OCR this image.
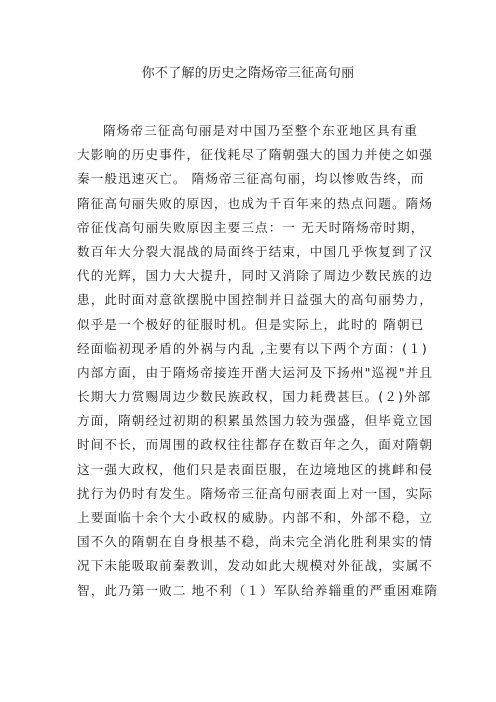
你不了解的历史之隋炀帝三征高句丽
隋炀帝三征高句丽是对中国乃至整个东亚地区具有重
大影响的历史事件，征伐耗尽了隋朝强大的国力并使之如强
秦一般迅速灭亡。 隋炀帝三征高句丽，均以惨败告终，而
隋征高句丽失败的原因，也成为千百年来的热点问题。隋炀
帝征伐高句丽失败原因主要三点：一 无天时隋炀帝时期，
数百年大分裂大混战的局面终于结束，中国几乎恢复到了汉
代的光辉，国力大大提升，同时又消除了周边少数民族的边
患，此时面对意欲摆脱中国控制并日益强大的高句丽势力，
似乎是一个极好的征服时机。但是实际上，此时的 隋朝已
经面临初现矛盾的外祸与内乱 ,主要有以下两个方面：(１)
内部方面，由于隋炀帝接连开凿大运河及下扬州"巡视"并且
长期大力赏赐周边少数民族政权，国力耗费甚巨。(２)外部
方面，隋朝经过初期的积累虽然国力较为强盛，但毕竟立国
时间不长，而周围的政权往往都存在数百年之久，面对隋朝
这一强大政权，他们只是表面臣服，在边境地区的挑衅和侵
扰行为仍时有发生。隋炀帝三征高句丽表面上对一国，实际
上要面临十余个大小政权的威胁。内部不和，外部不稳，立
国不久的隋朝在自身根基不稳，尚未完全消化胜利果实的情
况下未能吸取前秦教训，发动如此大规模对外征战，实属不
智，此乃第一败二 地不利（１）军队给养辎重的严重困难隋
